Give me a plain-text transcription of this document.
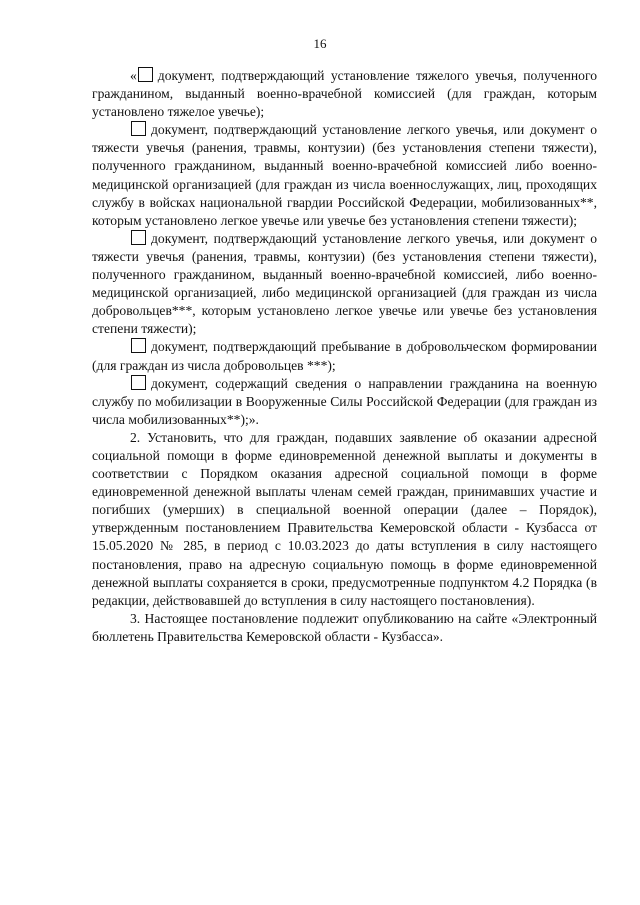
16

« документ, подтверждающий установление тяжелого увечья, полученного гражданином, выданный военно-врачебной комиссией (для граждан, которым установлено тяжелое увечье);

документ, подтверждающий установление легкого увечья, или документ о тяжести увечья (ранения, травмы, контузии) (без установления степени тяжести), полученного гражданином, выданный военно-врачебной комиссией либо военно-медицинской организацией (для граждан из числа военнослужащих, лиц, проходящих службу в войсках национальной гвардии Российской Федерации, мобилизованных**, которым установлено легкое увечье или увечье без установления степени тяжести);

документ, подтверждающий установление легкого увечья, или документ о тяжести увечья (ранения, травмы, контузии) (без установления степени тяжести), полученного гражданином, выданный военно-врачебной комиссией, либо военно-медицинской организацией, либо медицинской организацией (для граждан из числа добровольцев***, которым установлено легкое увечье или увечье без установления степени тяжести);

документ, подтверждающий пребывание в добровольческом формировании (для граждан из числа добровольцев ***);

документ, содержащий сведения о направлении гражданина на военную службу по мобилизации в Вооруженные Силы Российской Федерации (для граждан из числа мобилизованных**);».

2. Установить, что для граждан, подавших заявление об оказании адресной социальной помощи в форме единовременной денежной выплаты и документы в соответствии с Порядком оказания адресной социальной помощи в форме единовременной денежной выплаты членам семей граждан, принимавших участие и погибших (умерших) в специальной военной операции (далее – Порядок), утвержденным постановлением Правительства Кемеровской области - Кузбасса от 15.05.2020 № 285, в период с 10.03.2023 до даты вступления в силу настоящего постановления, право на адресную социальную помощь в форме единовременной денежной выплаты сохраняется в сроки, предусмотренные подпунктом 4.2 Порядка (в редакции, действовавшей до вступления в силу настоящего постановления).

3. Настоящее постановление подлежит опубликованию на сайте «Электронный бюллетень Правительства Кемеровской области - Кузбасса».
